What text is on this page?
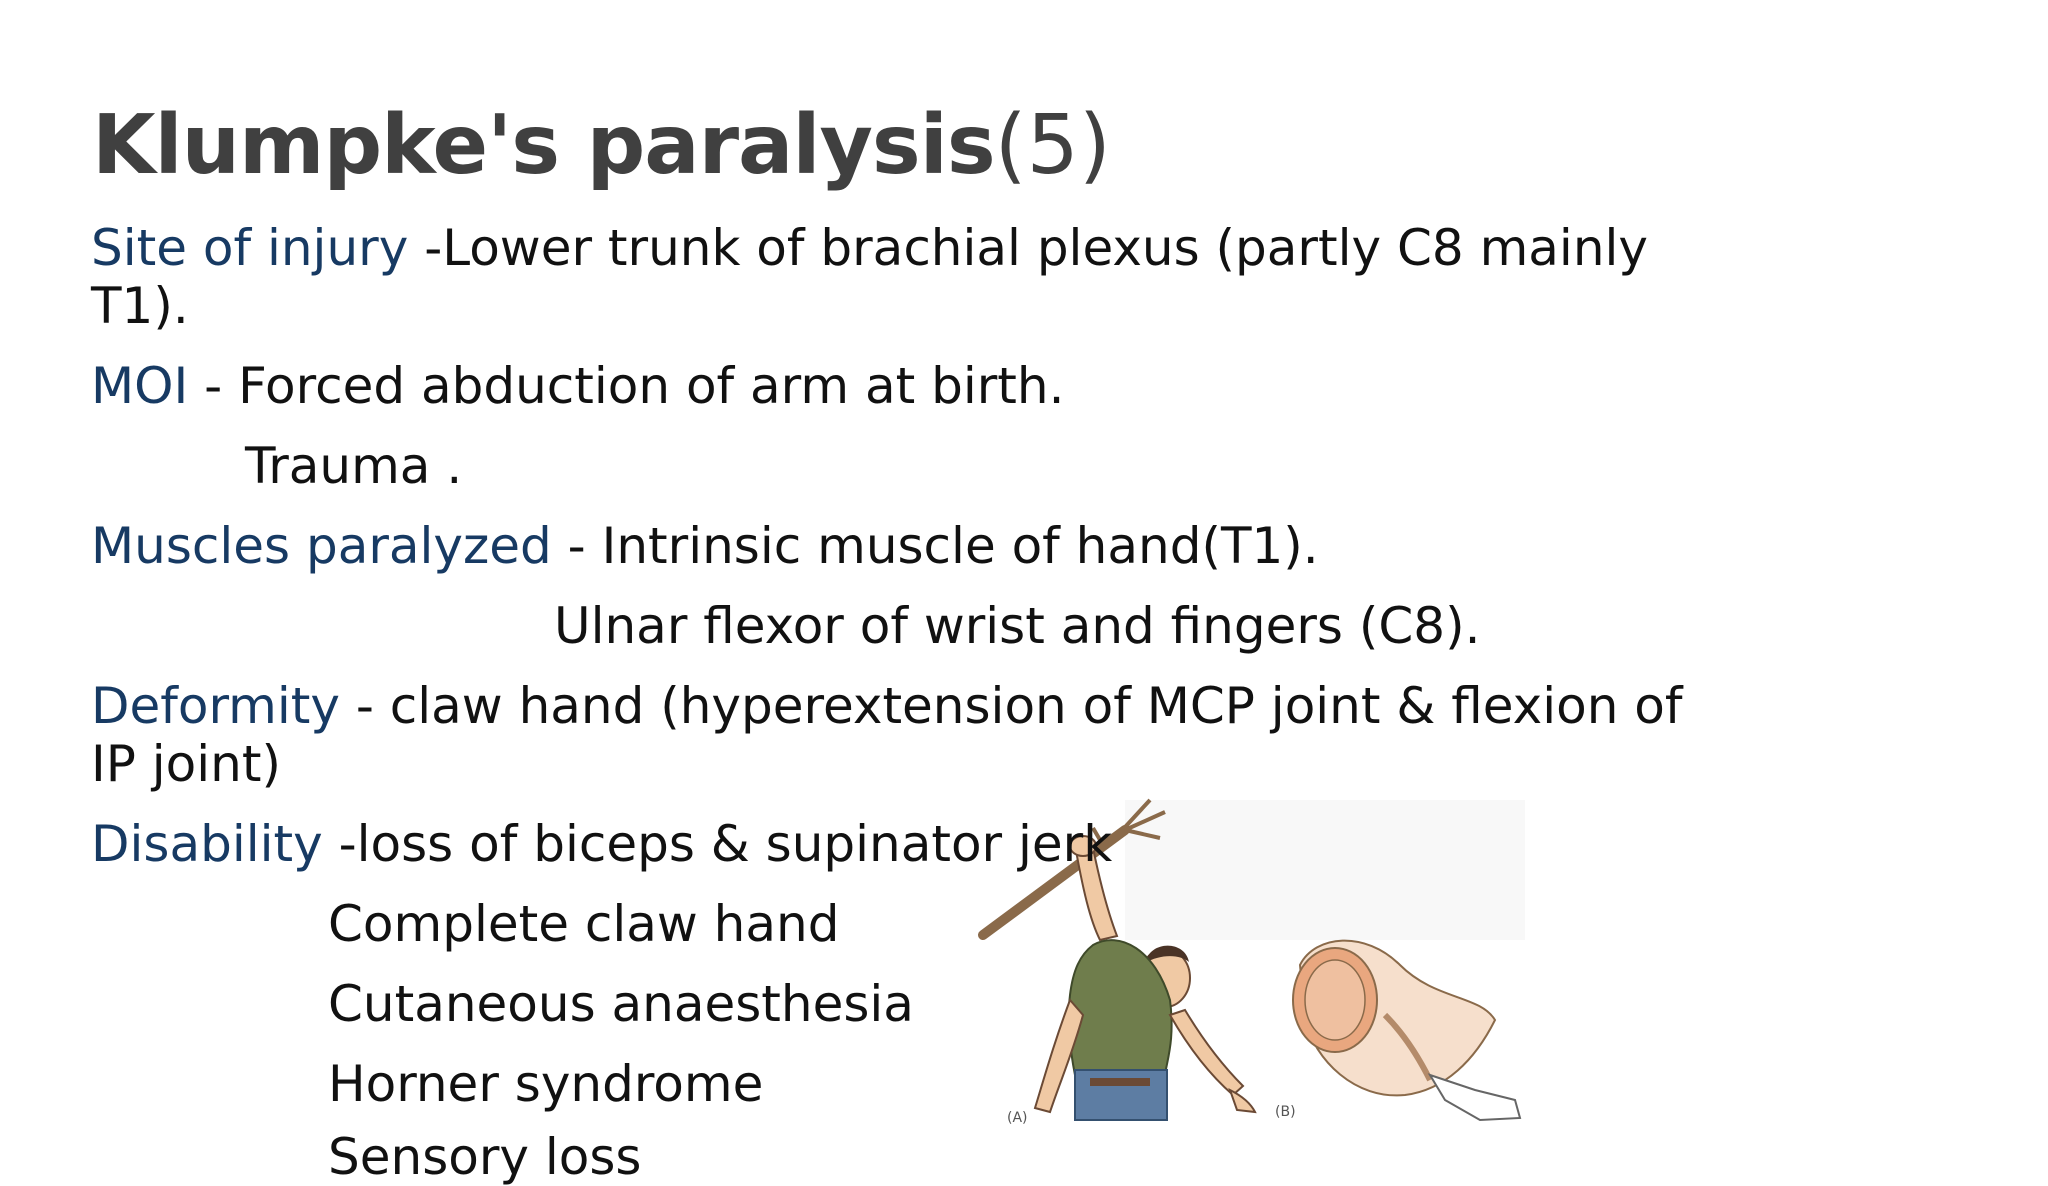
Klumpke's paralysis(5)

Site of injury -Lower trunk of brachial plexus (partly C8 mainly

T1).

MOI - Forced abduction of arm at birth.

Trauma .

Muscles paralyzed - Intrinsic muscle of hand(T1).

Ulnar flexor of wrist and fingers (C8).

Deformity - claw hand (hyperextension of MCP joint & flexion of

IP joint)

(A)	(B)

Disability -loss of biceps & supinator jerk

Complete claw hand

Cutaneous anaesthesia

Horner syndrome

Sensory loss
